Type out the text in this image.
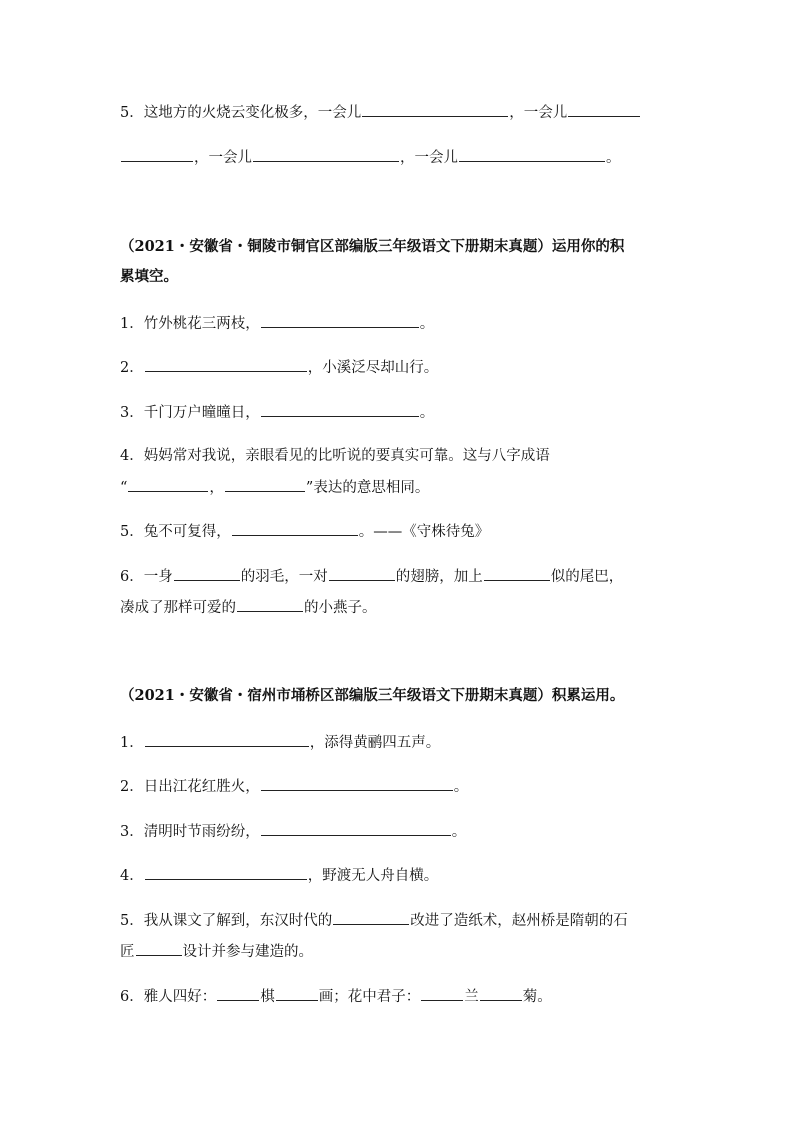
5．这地方的火烧云变化极多，一会儿	，一会儿
，一会儿	，一会儿	。
（2021・安徽省・铜陵市铜官区部编版三年级语文下册期末真题）运用你的积
累填空。
1．竹外桃花三两枝，	。
2．	，小溪泛尽却山行。
3．千门万户曈曈日，	。
4．妈妈常对我说，亲眼看见的比听说的要真实可靠。这与八字成语
“	，	”表达的意思相同。
5．兔不可复得，	。——《守株待兔》
6．一身	的羽毛，一对	的翅膀，加上	似的尾巴，
凑成了那样可爱的	的小燕子。
（2021・安徽省・宿州市埇桥区部编版三年级语文下册期末真题）积累运用。
1．	，添得黄鹂四五声。
2．日出江花红胜火，	。
3．清明时节雨纷纷，	。
4．	，野渡无人舟自横。
5．我从课文了解到，东汉时代的	改进了造纸术，赵州桥是隋朝的石
匠	设计并参与建造的。
6．雅人四好：	棋	画；花中君子：	兰	菊。
